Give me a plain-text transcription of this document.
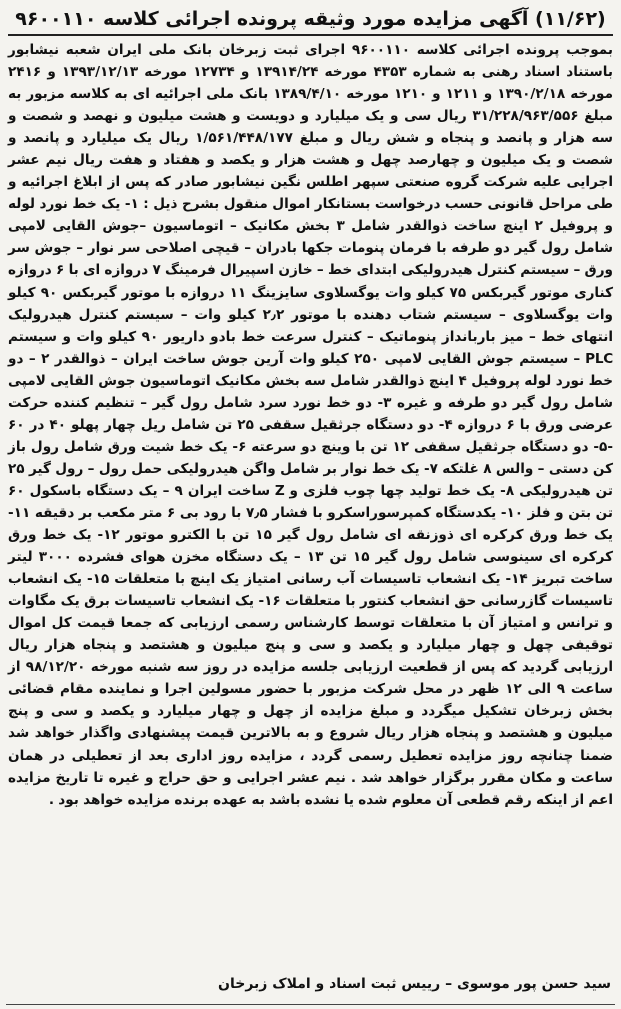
(۱۱/۶۲) آگهی مزایده مورد وثیقه پرونده اجرائی کلاسه ۹۶۰۰۱۱۰

بموجب پرونده اجرائی کلاسه ۹۶۰۰۱۱۰ اجرای ثبت زبرخان بانک ملی ایران شعبه نیشابور باستناد اسناد رهنی به شماره ۴۳۵۳ مورخه ۱۳۹۱۴/۲۴ و ۱۲۷۳۴ مورخه ۱۳۹۳/۱۲/۱۳ و ۲۴۱۶ مورخه ۱۳۹۰/۲/۱۸ و ۱۲۱۱ و ۱۲۱۰ مورخه ۱۳۸۹/۴/۱۰ بانک ملی اجرائیه ای به کلاسه مزبور به مبلغ ۳۱/۲۲۸/۹۶۳/۵۵۶ ریال سی و یک میلیارد و دویست و هشت میلیون و نهصد و شصت و سه هزار و پانصد و پنجاه و شش ریال و مبلغ ۱/۵۶۱/۴۴۸/۱۷۷ ریال یک میلیارد و پانصد و شصت و یک میلیون و چهارصد چهل و هشت هزار و یکصد و هفتاد و هفت ریال نیم عشر اجرایی علیه شرکت گروه صنعتی سپهر اطلس نگین نیشابور صادر که پس از ابلاغ اجرائیه و طی مراحل قانونی حسب درخواست بستانکار اموال منقول بشرح ذیل : ۱- یک خط نورد لوله و پروفیل ۲ اینچ ساخت ذوالقدر شامل ۳ بخش مکانیک – اتوماسیون –جوش القایی لامپی شامل رول گیر دو طرفه با فرمان پنومات جکها بادران – قیچی اصلاحی سر نوار – جوش سر ورق – سیستم کنترل هیدرولیکی ابتدای خط – خازن اسپیرال فرمینگ ۷ دروازه ای با ۶ دروازه کناری موتور گیربکس ۷۵ کیلو وات یوگسلاوی سایزینگ ۱۱ دروازه با موتور گیربکس ۹۰ کیلو وات یوگسلاوی – سیستم شتاب دهنده با موتور ۲٫۲ کیلو وات – سیستم کنترل هیدرولیک انتهای خط – میز باربانداز پنوماتیک – کنترل سرعت خط بادو داریور ۹۰ کیلو وات و سیستم PLC – سیستم جوش القایی لامپی ۲۵۰ کیلو وات آرین جوش ساخت ایران – ذوالقدر ۲ – دو خط نورد لوله پروفیل ۴ اینچ ذوالقدر شامل سه بخش مکانیک اتوماسیون جوش القایی لامپی شامل رول گیر دو طرفه و غیره ۳- دو خط نورد سرد شامل رول گیر – تنظیم کننده حرکت عرضی ورق با ۶ دروازه ۴- دو دستگاه جرثقیل سقفی ۲۵ تن شامل ریل چهار پهلو ۴۰ در ۶۰ -۵- دو دستگاه جرثقیل سقفی ۱۲ تن با وینچ دو سرعته ۶- یک خط شیت ورق شامل رول باز کن دستی – والس ۸ غلتکه ۷- یک خط نوار بر شامل واگن هیدرولیکی حمل رول – رول گیر ۲۵ تن هیدرولیکی ۸- یک خط تولید چها چوب فلزی و Z ساخت ایران ۹ – یک دستگاه باسکول ۶۰ تن بتن و فلز ۱۰- یکدستگاه کمپرسوراسکرو با فشار ۷٫۵ با رود بی ۶ متر مکعب بر دقیقه ۱۱- یک خط ورق کرکره ای ذوزنقه ای شامل رول گیر ۱۵ تن با الکترو موتور ۱۲- یک خط ورق کرکره ای سینوسی شامل رول گیر ۱۵ تن ۱۳ – یک دستگاه مخزن هوای فشرده ۳۰۰۰ لیتر ساخت تبریز ۱۴- یک انشعاب تاسیسات آب رسانی امتیاز یک اینچ با متعلقات ۱۵- یک انشعاب تاسیسات گازرسانی حق انشعاب کنتور با متعلقات ۱۶- یک انشعاب تاسیسات برق یک مگاوات و ترانس و امتیاز آن با متعلقات توسط کارشناس رسمی ارزیابی که جمعا قیمت کل اموال توقیفی چهل و چهار میلیارد و یکصد و سی و پنج میلیون و هشتصد و پنجاه هزار ریال ارزیابی گردید که پس از قطعیت ارزیابی جلسه مزایده در روز سه شنبه مورخه ۹۸/۱۲/۲۰ از ساعت ۹ الی ۱۲ ظهر در محل شرکت مزبور با حضور مسولین اجرا و نماینده مقام قضائی بخش زبرخان تشکیل میگردد و مبلغ مزایده از چهل و چهار میلیارد و یکصد و سی و پنج میلیون و هشتصد و پنجاه هزار ریال شروع و به بالاترین قیمت پیشنهادی واگذار خواهد شد ضمنا چنانچه روز مزایده تعطیل رسمی گردد ، مزایده روز اداری بعد از تعطیلی در همان ساعت و مکان مقرر برگزار خواهد شد . نیم عشر اجرایی و حق حراج و غیره تا تاریخ مزایده اعم از اینکه رقم قطعی آن معلوم شده یا نشده باشد به عهده برنده مزایده خواهد بود .

سید حسن پور موسوی – رییس ثبت اسناد و املاک زبرخان
